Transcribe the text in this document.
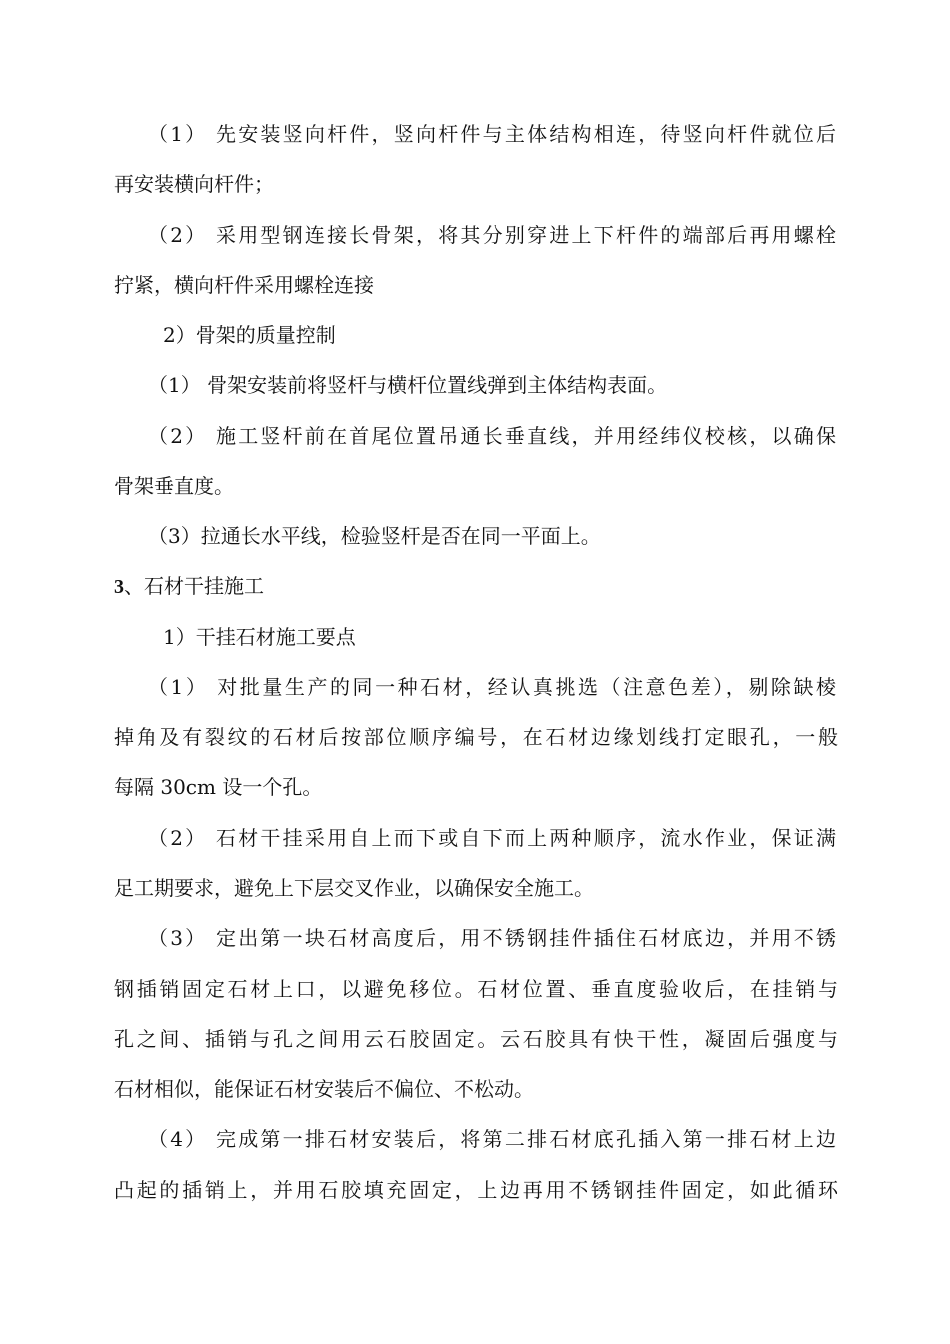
（1） 先安装竖向杆件，竖向杆件与主体结构相连，待竖向杆件就位后
再安装横向杆件；
（2） 采用型钢连接长骨架，将其分别穿进上下杆件的端部后再用螺栓
拧紧，横向杆件采用螺栓连接
2）骨架的质量控制
（1） 骨架安装前将竖杆与横杆位置线弹到主体结构表面。
（2） 施工竖杆前在首尾位置吊通长垂直线，并用经纬仪校核，以确保
骨架垂直度。
（3）拉通长水平线，检验竖杆是否在同一平面上。
3、石材干挂施工
1）干挂石材施工要点
（1） 对批量生产的同一种石材，经认真挑选（注意色差），剔除缺棱
掉角及有裂纹的石材后按部位顺序编号，在石材边缘划线打定眼孔，一般
每隔 30cm 设一个孔。
（2） 石材干挂采用自上而下或自下而上两种顺序，流水作业，保证满
足工期要求，避免上下层交叉作业，以确保安全施工。
（3） 定出第一块石材高度后，用不锈钢挂件插住石材底边，并用不锈
钢插销固定石材上口，以避免移位。石材位置、垂直度验收后，在挂销与
孔之间、插销与孔之间用云石胶固定。云石胶具有快干性，凝固后强度与
石材相似，能保证石材安装后不偏位、不松动。
（4） 完成第一排石材安装后，将第二排石材底孔插入第一排石材上边
凸起的插销上，并用石胶填充固定，上边再用不锈钢挂件固定，如此循环
